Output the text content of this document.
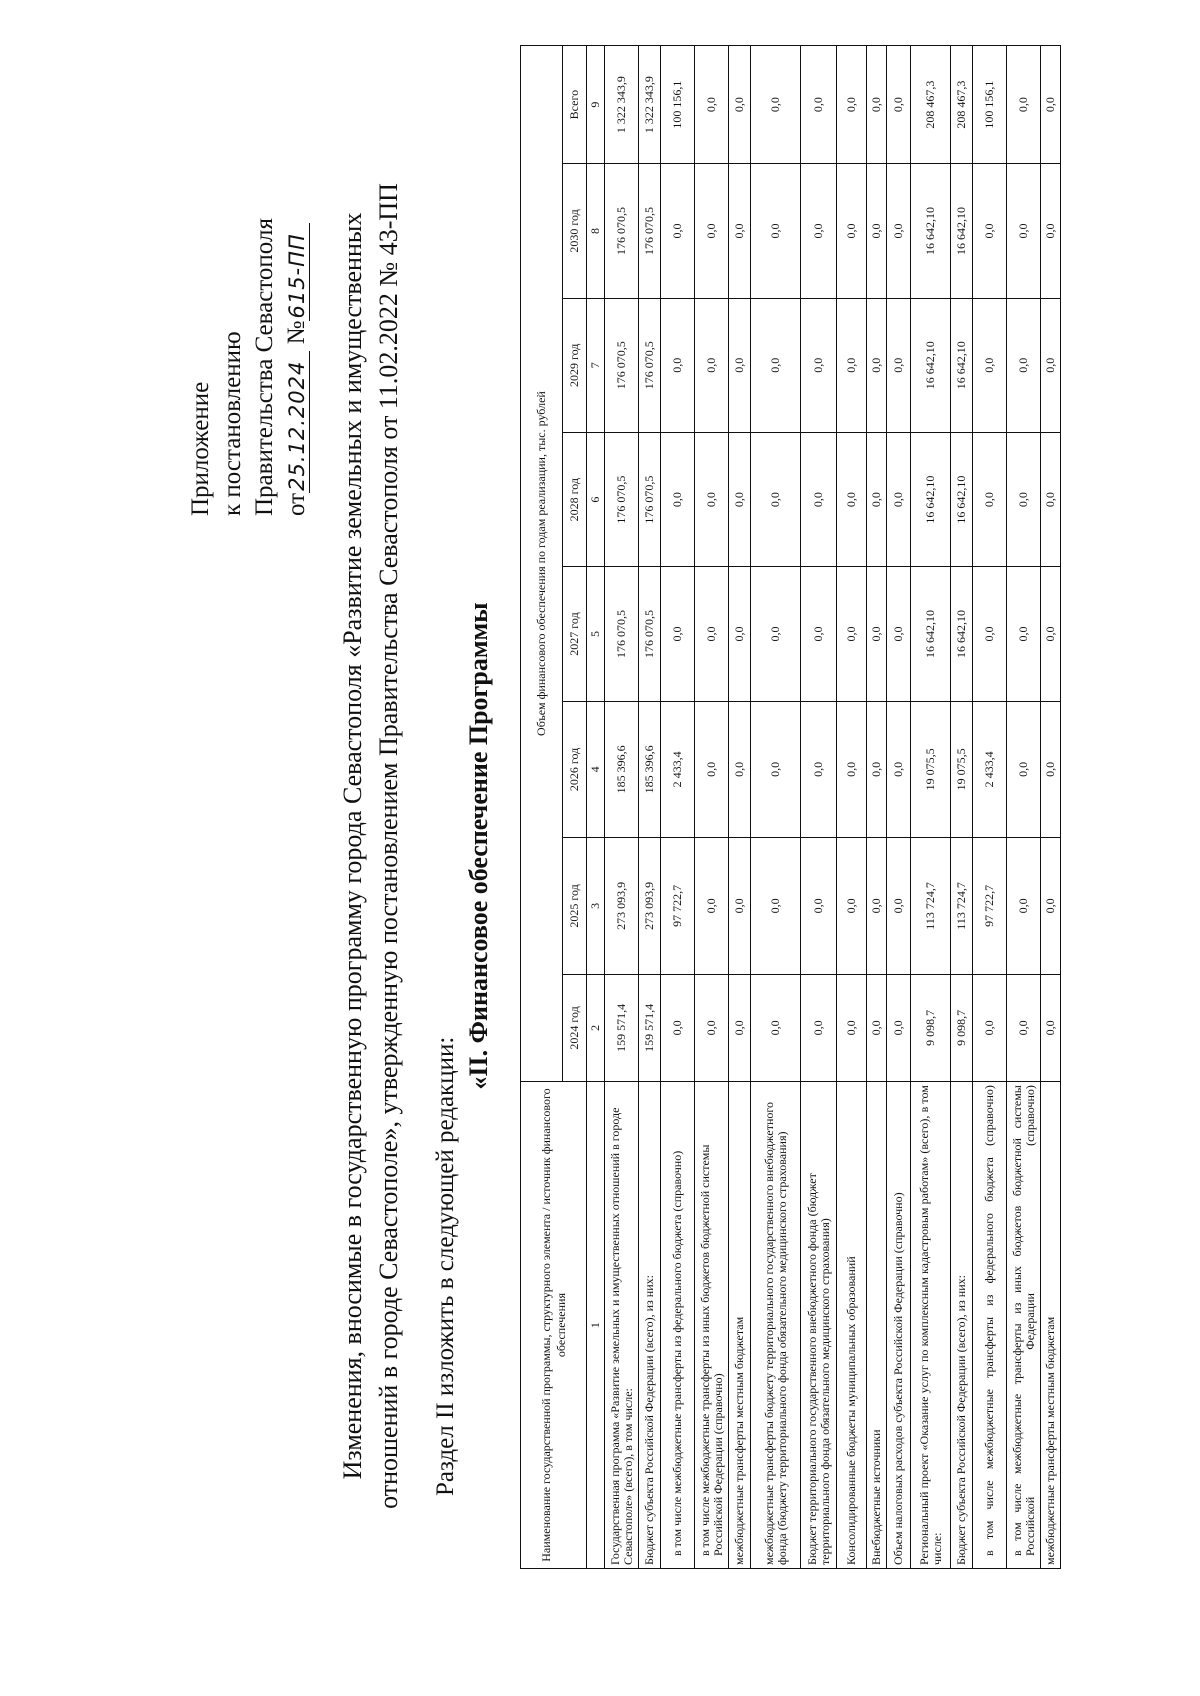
Приложение к постановлению Правительства Севастополя от25.12.2024 №615-ПП Изменения, вносимые в государственную программу города Севастополя «Развитие земельных и имущественных отношений в городе Севастополе», утвержденную постановлением Правительства Севастополя от 11.02.2022 № 43-ПП Раздел II изложить в следующей редакции:
«II. Финансовое обеспечение Программы
Наименование государственной программы, структурного элемента / источник финансового обеспечения	Объем финансового обеспечения по годам реализации, тыс. рублей							
	2024 год	2025 год	2026 год	2027 год	2028 год	2029 год	2030 год	Всего
1	2	3	4	5	6	7	8	9
Государственная программа «Развитие земельных и имущественных отношений в городе Севастополе» (всего), в том числе:	159 571,4	273 093,9	185 396,6	176 070,5	176 070,5	176 070,5	176 070,5	1 322 343,9
Бюджет субъекта Российской Федерации (всего), из них:	159 571,4	273 093,9	185 396,6	176 070,5	176 070,5	176 070,5	176 070,5	1 322 343,9
в том числе межбюджетные трансферты из федерального бюджета (справочно)	0,0	97 722,7	2 433,4	0,0	0,0	0,0	0,0	100 156,1
в том числе межбюджетные трансферты из иных бюджетов бюджетной системы Российской Федерации (справочно)	0,0	0,0	0,0	0,0	0,0	0,0	0,0	0,0
межбюджетные трансферты местным бюджетам	0,0	0,0	0,0	0,0	0,0	0,0	0,0	0,0
межбюджетные трансферты бюджету территориального государственного внебюджетного фонда (бюджету территориального фонда обязательного медицинского страхования)	0,0	0,0	0,0	0,0	0,0	0,0	0,0	0,0
Бюджет территориального государственного внебюджетного фонда (бюджет территориального фонда обязательного медицинского страхования)	0,0	0,0	0,0	0,0	0,0	0,0	0,0	0,0
Консолидированные бюджеты муниципальных образований	0,0	0,0	0,0	0,0	0,0	0,0	0,0	0,0
Внебюджетные источники	0,0	0,0	0,0	0,0	0,0	0,0	0,0	0,0
Объем налоговых расходов субъекта Российской Федерации (справочно)	0,0	0,0	0,0	0,0	0,0	0,0	0,0	0,0
Региональный проект «Оказание услуг по комплексным кадастровым работам» (всего), в том числе:	9 098,7	113 724,7	19 075,5	16 642,10	16 642,10	16 642,10	16 642,10	208 467,3
Бюджет субъекта Российской Федерации (всего), из них:	9 098,7	113 724,7	19 075,5	16 642,10	16 642,10	16 642,10	16 642,10	208 467,3
в том числе межбюджетные трансферты из федерального бюджета (справочно)	0,0	97 722,7	2 433,4	0,0	0,0	0,0	0,0	100 156,1
в том числе межбюджетные трансферты из иных бюджетов бюджетной системы Российской Федерации (справочно)	0,0	0,0	0,0	0,0	0,0	0,0	0,0	0,0
межбюджетные трансферты местным бюджетам	0,0	0,0	0,0	0,0	0,0	0,0	0,0	0,0
